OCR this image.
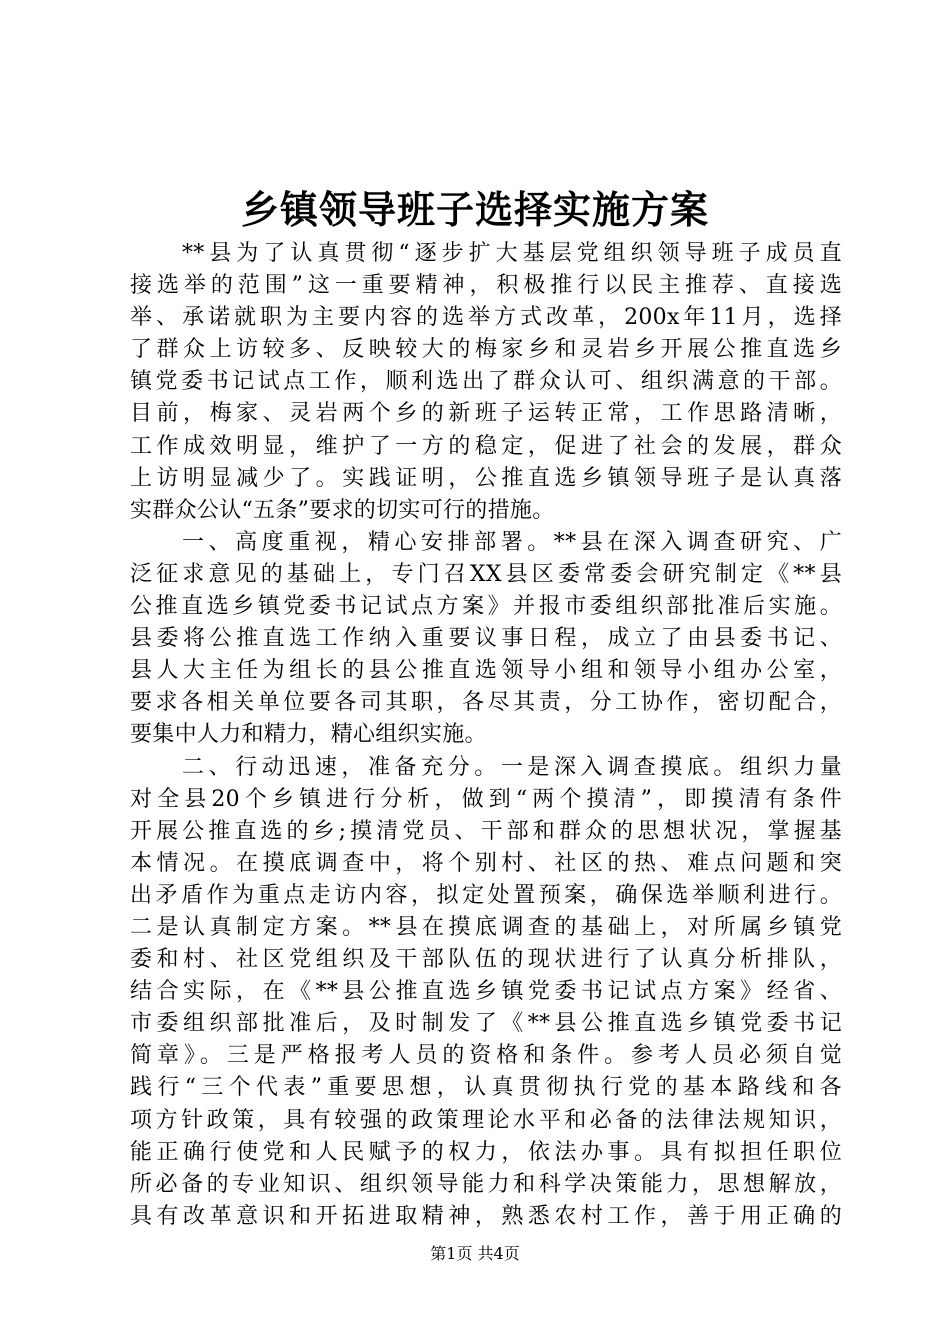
乡镇领导班子选择实施方案
**县为了认真贯彻“逐步扩大基层党组织领导班子成员直
接选举的范围”这一重要精神，积极推行以民主推荐、直接选
举、承诺就职为主要内容的选举方式改革，200x年11月，选择
了群众上访较多、反映较大的梅家乡和灵岩乡开展公推直选乡
镇党委书记试点工作，顺利选出了群众认可、组织满意的干部。
目前，梅家、灵岩两个乡的新班子运转正常，工作思路清晰，
工作成效明显，维护了一方的稳定，促进了社会的发展，群众
上访明显减少了。实践证明，公推直选乡镇领导班子是认真落
实群众公认“五条”要求的切实可行的措施。
一、高度重视，精心安排部署。**县在深入调查研究、广
泛征求意见的基础上，专门召XX县区委常委会研究制定《**县
公推直选乡镇党委书记试点方案》并报市委组织部批准后实施。
县委将公推直选工作纳入重要议事日程，成立了由县委书记、
县人大主任为组长的县公推直选领导小组和领导小组办公室，
要求各相关单位要各司其职，各尽其责，分工协作，密切配合，
要集中人力和精力，精心组织实施。
二、行动迅速，准备充分。一是深入调查摸底。组织力量
对全县20个乡镇进行分析，做到“两个摸清”，即摸清有条件
开展公推直选的乡;摸清党员、干部和群众的思想状况，掌握基
本情况。在摸底调查中，将个别村、社区的热、难点问题和突
出矛盾作为重点走访内容，拟定处置预案，确保选举顺利进行。
二是认真制定方案。**县在摸底调查的基础上，对所属乡镇党
委和村、社区党组织及干部队伍的现状进行了认真分析排队，
结合实际，在《**县公推直选乡镇党委书记试点方案》经省、
市委组织部批准后，及时制发了《**县公推直选乡镇党委书记
简章》。三是严格报考人员的资格和条件。参考人员必须自觉
践行“三个代表”重要思想，认真贯彻执行党的基本路线和各
项方针政策，具有较强的政策理论水平和必备的法律法规知识，
能正确行使党和人民赋予的权力，依法办事。具有拟担任职位
所必备的专业知识、组织领导能力和科学决策能力，思想解放，
具有改革意识和开拓进取精神，熟悉农村工作，善于用正确的
第1页 共4页
